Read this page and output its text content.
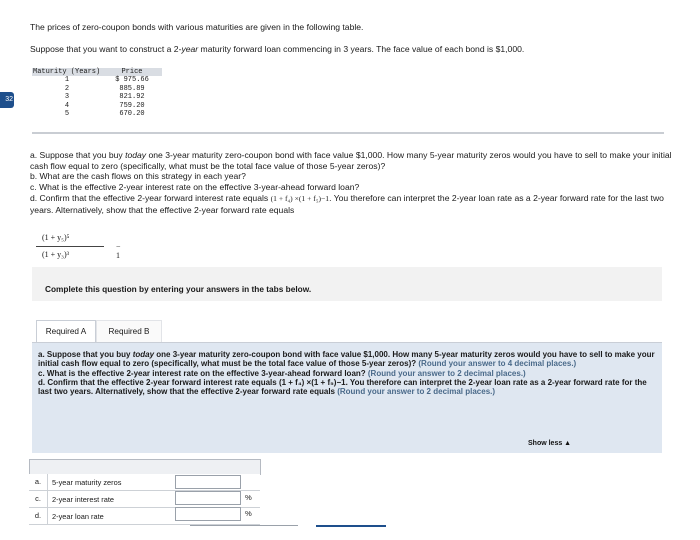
32
The prices of zero-coupon bonds with various maturities are given in the following table.
Suppose that you want to construct a 2-year maturity forward loan commencing in 3 years. The face value of each bond is $1,000.
Maturity (Years)	Price
1	$ 975.66
2	885.89
3	821.92
4	759.20
5	670.20

a. Suppose that you buy today one 3-year maturity zero-coupon bond with face value $1,000. How many 5-year maturity zeros would you have to sell to make your initial cash flow equal to zero (specifically, what must be the total face value of those 5-year zeros)?

b. What are the cash flows on this strategy in each year?

c. What is the effective 2-year interest rate on the effective 3-year-ahead forward loan?

d. Confirm that the effective 2-year forward interest rate equals (1 + f₄) ×(1 + f₅)−1. You therefore can interpret the 2-year loan rate as a 2-year forward rate for the last two years. Alternatively, show that the effective 2-year forward rate equals

(1 + y₅)⁵
(1 + y₃)³
− 1
Complete this question by entering your answers in the tabs below.
Required A	Required B

a. Suppose that you buy today one 3-year maturity zero-coupon bond with face value $1,000. How many 5-year maturity zeros would you have to sell to make your initial cash flow equal to zero (specifically, what must be the total face value of those 5-year zeros)? (Round your answer to 4 decimal places.)

c. What is the effective 2-year interest rate on the effective 3-year-ahead forward loan? (Round your answer to 2 decimal places.)

d. Confirm that the effective 2-year forward interest rate equals (1 + f₄) ×(1 + f₅)−1. You therefore can interpret the 2-year loan rate as a 2-year forward rate for the last two years. Alternatively, show that the effective 2-year forward rate equals (Round your answer to 2 decimal places.)

Show less ▲
a.	5-year maturity zeros
c.	2-year interest rate
d.	2-year loan rate
%
%
